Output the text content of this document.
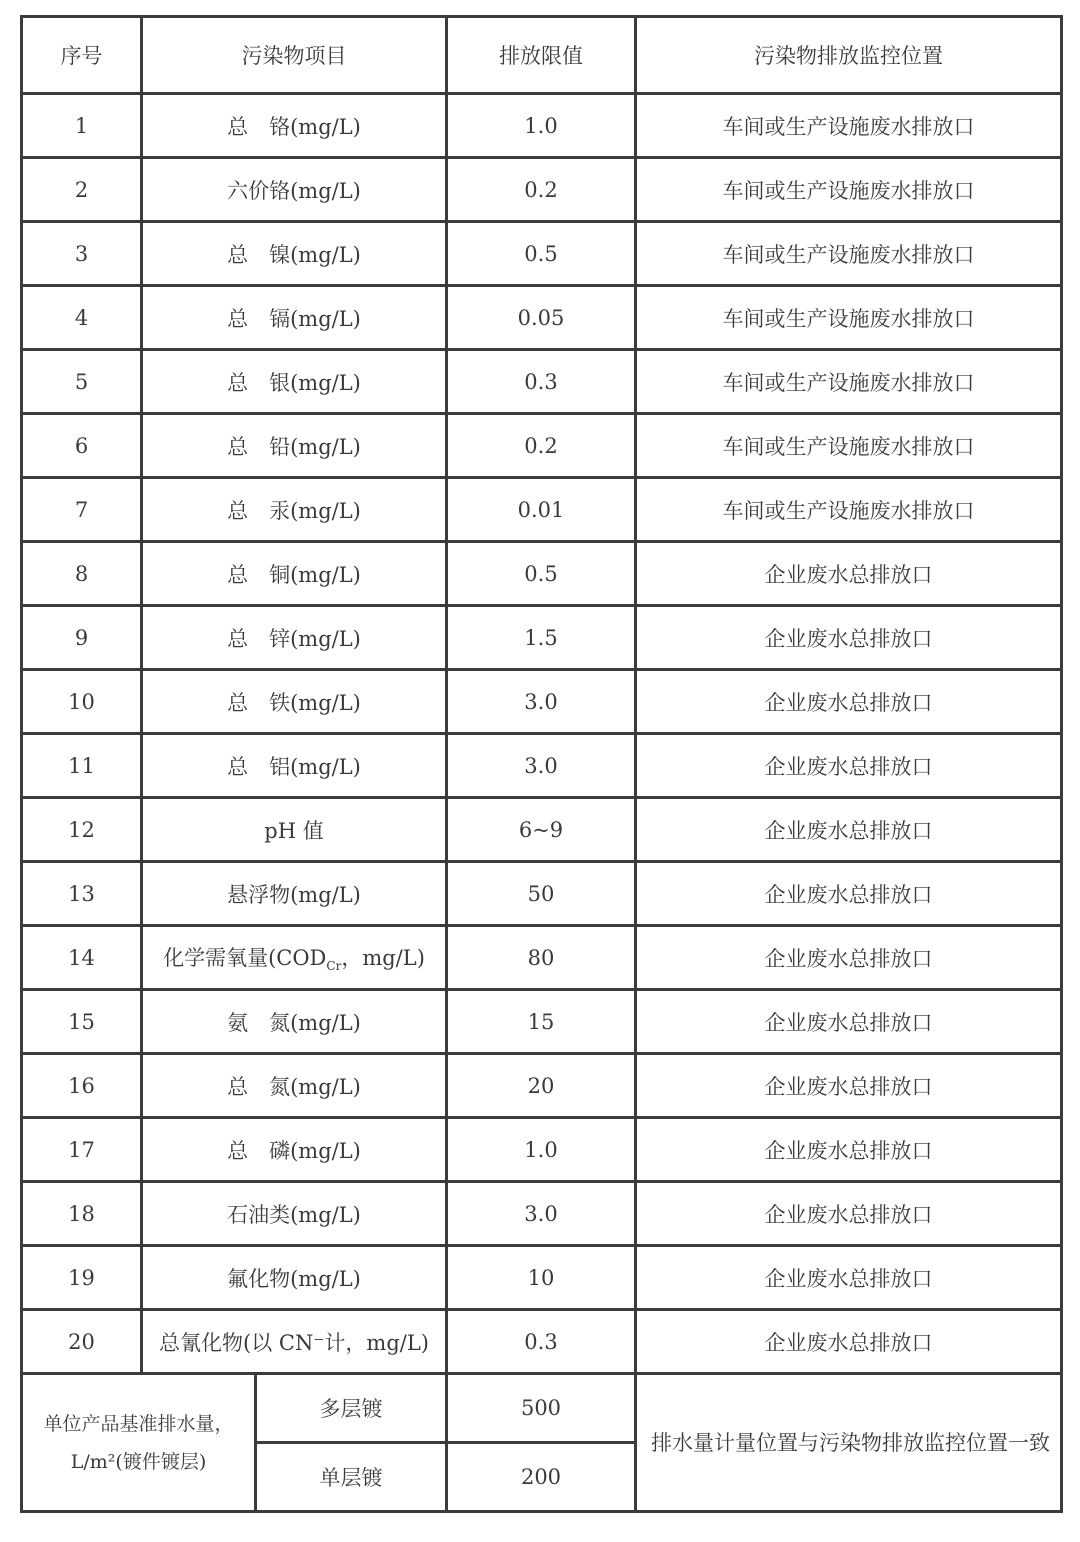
序号	污染物项目		排放限值	污染物排放监控位置
1	总　铬(mg/L)		1.0	车间或生产设施废水排放口
2	六价铬(mg/L)		0.2	车间或生产设施废水排放口
3	总　镍(mg/L)		0.5	车间或生产设施废水排放口
4	总　镉(mg/L)		0.05	车间或生产设施废水排放口
5	总　银(mg/L)		0.3	车间或生产设施废水排放口
6	总　铅(mg/L)		0.2	车间或生产设施废水排放口
7	总　汞(mg/L)		0.01	车间或生产设施废水排放口
8	总　铜(mg/L)		0.5	企业废水总排放口
9	总　锌(mg/L)		1.5	企业废水总排放口
10	总　铁(mg/L)		3.0	企业废水总排放口
11	总　铝(mg/L)		3.0	企业废水总排放口
12	pH 值		6~9	企业废水总排放口
13	悬浮物(mg/L)		50	企业废水总排放口
14	化学需氧量($COD_{Cr}$，mg/L)		80	企业废水总排放口
15	氨　氮(mg/L)		15	企业废水总排放口
16	总　氮(mg/L)		20	企业废水总排放口
17	总　磷(mg/L)		1.0	企业废水总排放口
18	石油类(mg/L)		3.0	企业废水总排放口
19	氟化物(mg/L)		10	企业废水总排放口
20	总氰化物(以 CN⁻计，mg/L)		0.3	企业废水总排放口
单位产品基准排水量，L/m²(镀件镀层)		多层镀	500	排水量计量位置与污染物排放监控位置一致
		单层镀	200	
